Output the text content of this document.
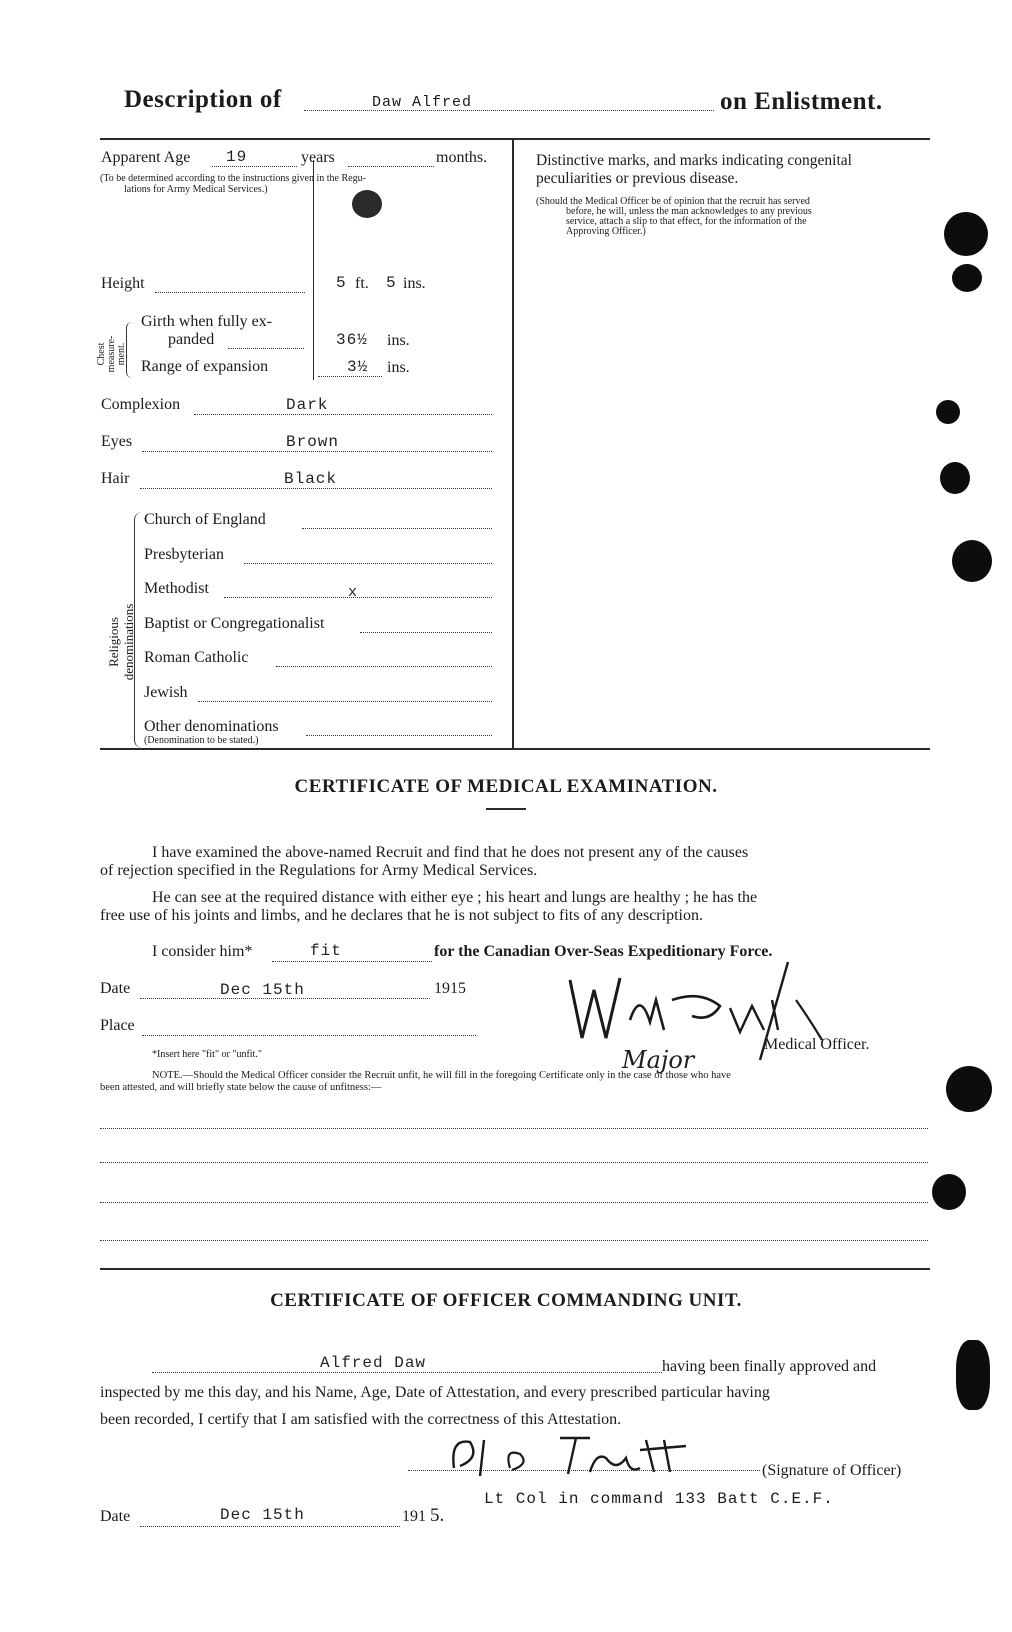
Description of	Daw Alfred	on Enlistment.
Apparent Age 19	years	months.
(To be determined according to the instructions given in the Regu-
lations for Army Medical Services.)
Height	5 ft. 5 ins.
Chest measure- ment.
Girth when fully ex-
panded	36½ ins.
Range of expansion	3½ ins.
Complexion	Dark
Eyes	Brown
Hair	Black
Religious denominations
Church of England
Presbyterian
Methodist	x
Baptist or Congregationalist
Roman Catholic
Jewish
Other denominations
(Denomination to be stated.)
Distinctive marks, and marks indicating congenital
peculiarities or previous disease.
(Should the Medical Officer be of opinion that the recruit has served
before, he will, unless the man acknowledges to any previous
service, attach a slip to that effect, for the information of the
Approving Officer.)
CERTIFICATE OF MEDICAL EXAMINATION.
I have examined the above-named Recruit and find that he does not present any of the causes
of rejection specified in the Regulations for Army Medical Services.
He can see at the required distance with either eye ; his heart and lungs are healthy ; he has the
free use of his joints and limbs, and he declares that he is not subject to fits of any description.
I consider him*	fit	for the Canadian Over-Seas Expeditionary Force.
Date	Dec 15th	1915
Place
Medical Officer.
Major
*Insert here "fit" or "unfit."
NOTE.—Should the Medical Officer consider the Recruit unfit, he will fill in the foregoing Certificate only in the case of those who have
been attested, and will briefly state below the cause of unfitness:—
CERTIFICATE OF OFFICER COMMANDING UNIT.
Alfred Daw	having been finally approved and
inspected by me this day, and his Name, Age, Date of Attestation, and every prescribed particular having
been recorded, I certify that I am satisfied with the correctness of this Attestation.
(Signature of Officer)
Lt Col in command 133 Batt C.E.F.
Date	Dec 15th	191 5.
